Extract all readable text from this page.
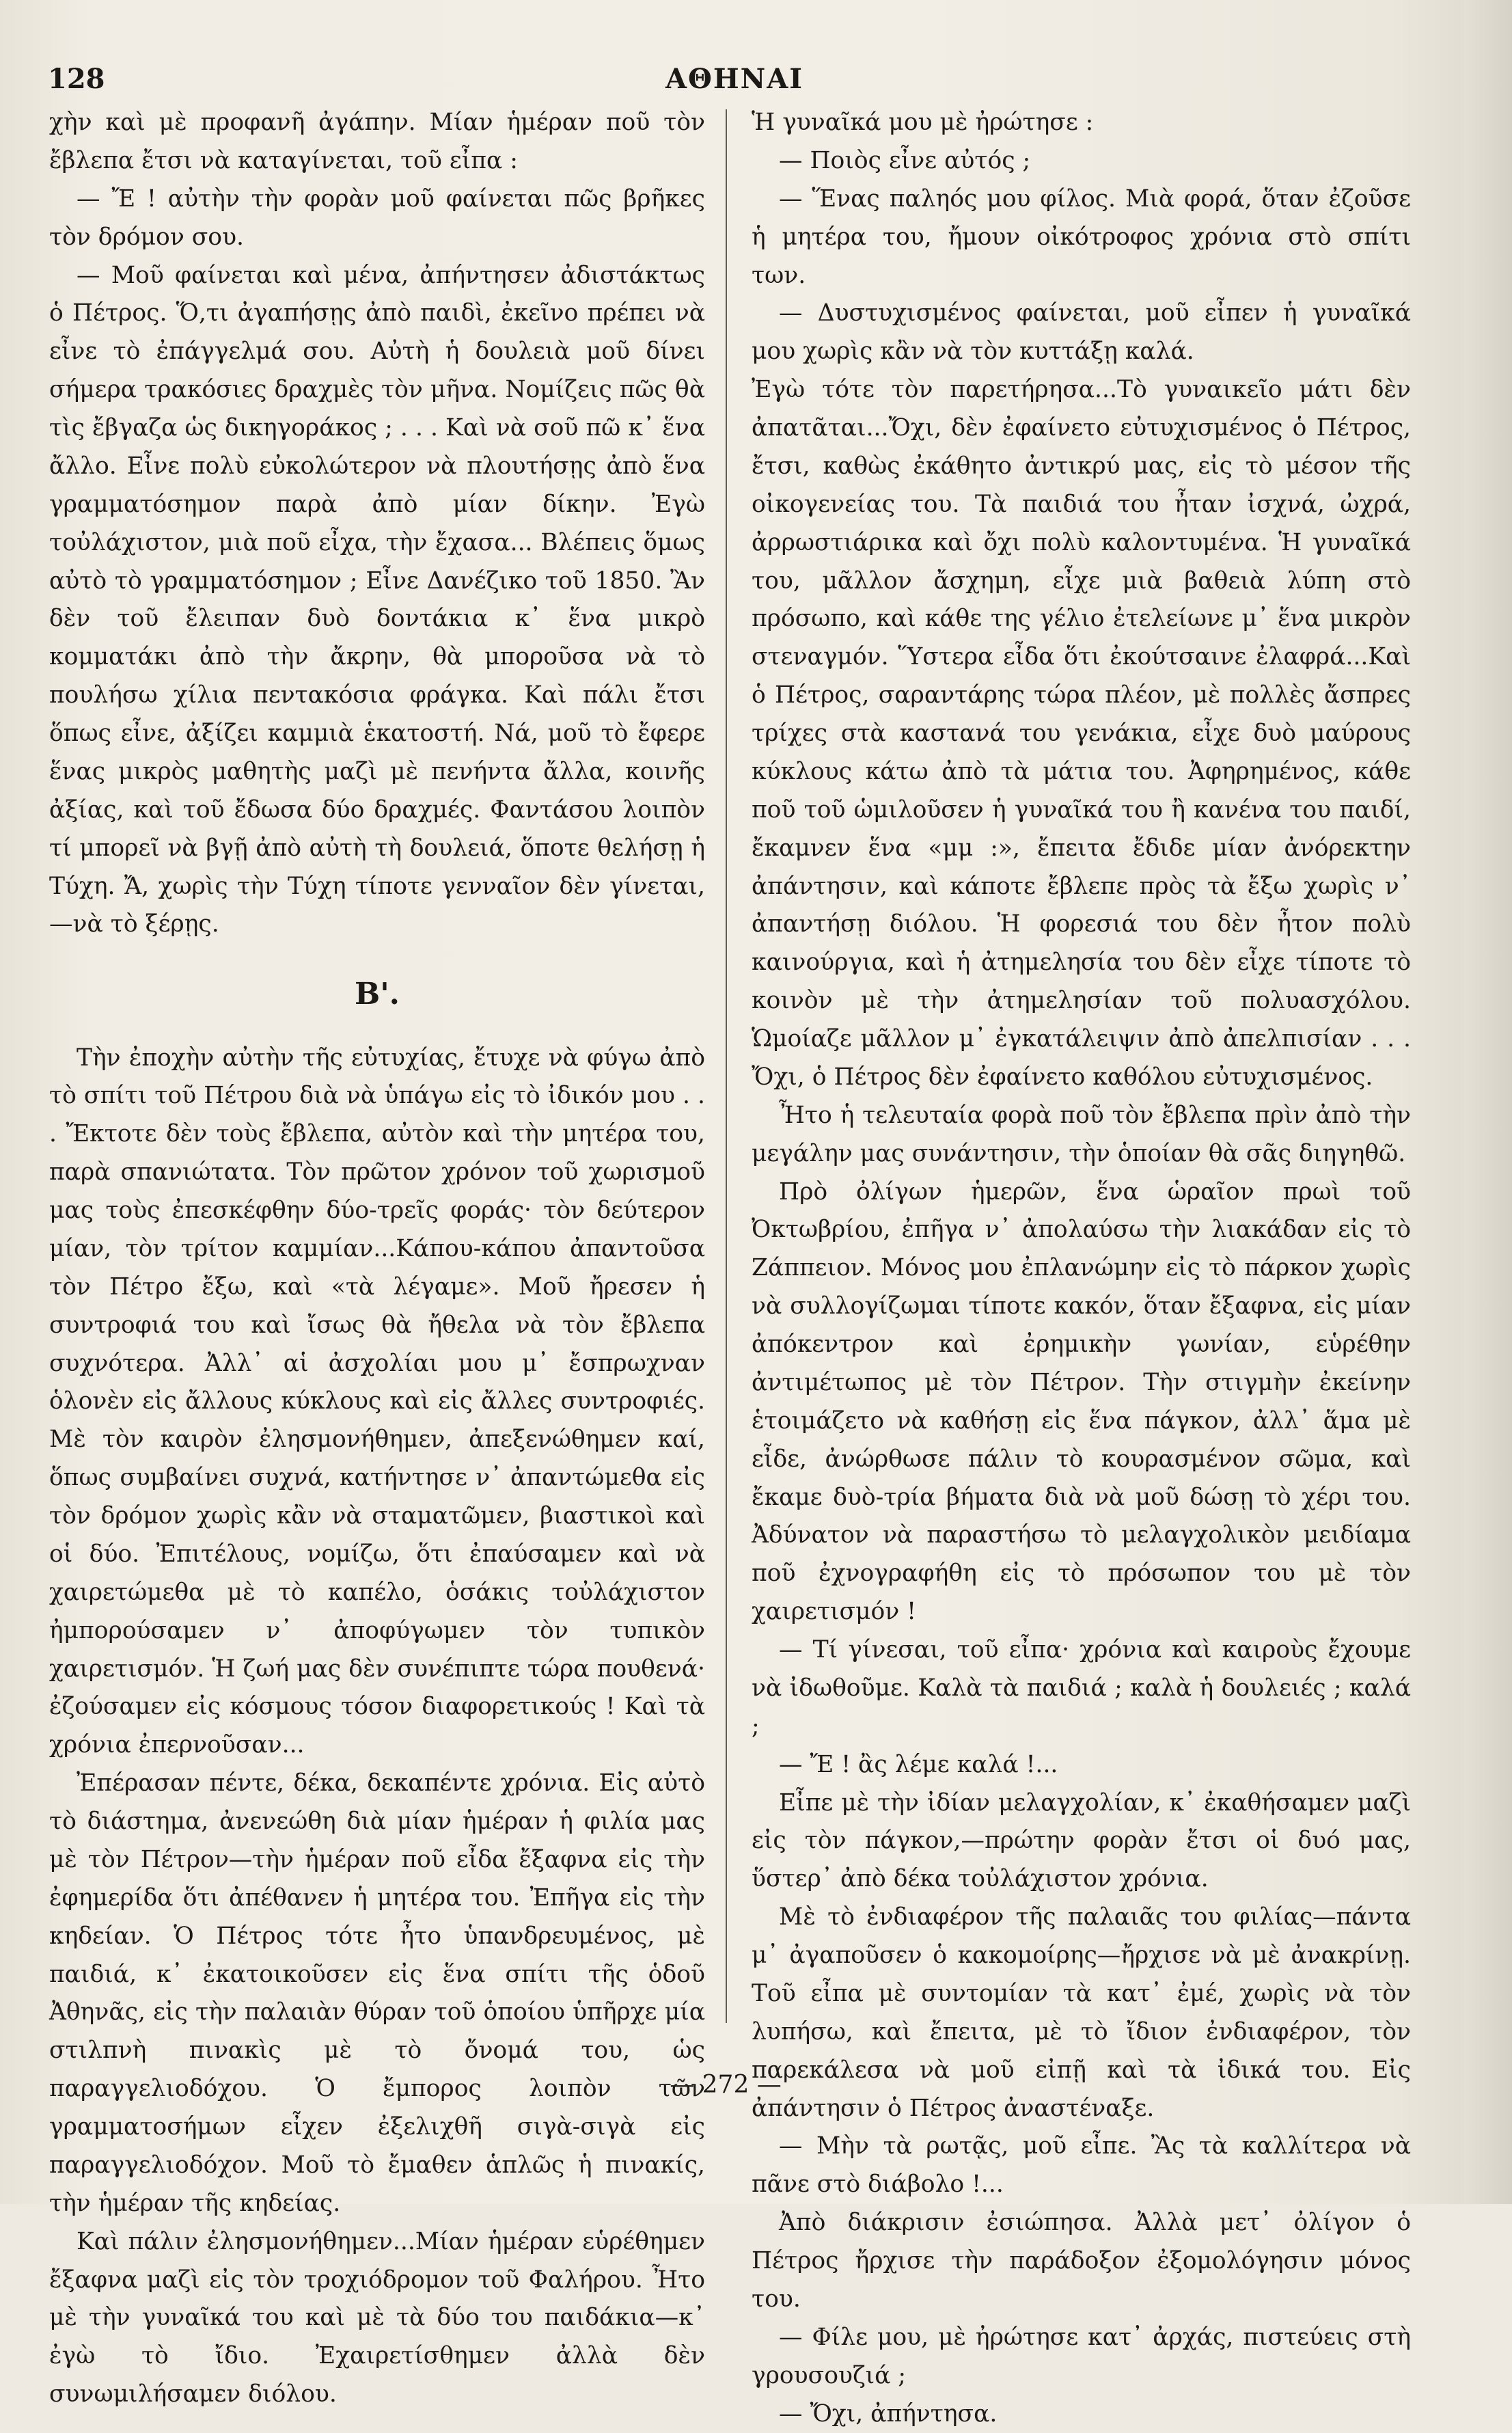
128	ΑΘΗΝΑΙ

χὴν καὶ μὲ προφανῆ ἀγάπην. Μίαν ἡμέραν ποῦ τὸν ἔβλεπα ἔτσι νὰ καταγίνεται, τοῦ εἶπα :

— Ἔ ! αὐτὴν τὴν φορὰν μοῦ φαίνεται πῶς βρῆκες τὸν δρόμον σου.

— Μοῦ φαίνεται καὶ μένα, ἀπήντησεν ἀδιστάκτως ὁ Πέτρος. Ὅ,τι ἀγαπήσῃς ἀπὸ παιδὶ, ἐκεῖνο πρέπει νὰ εἶνε τὸ ἐπάγγελμά σου. Αὐτὴ ἡ δουλειὰ μοῦ δίνει σήμερα τρακόσιες δραχμὲς τὸν μῆνα. Νομίζεις πῶς θὰ τὶς ἔβγαζα ὡς δικηγοράκος ; . . . Καὶ νὰ σοῦ πῶ κ᾽ ἕνα ἄλλο. Εἶνε πολὺ εὐκολώτερον νὰ πλουτήσῃς ἀπὸ ἕνα γραμματόσημον παρὰ ἀπὸ μίαν δίκην. Ἐγὼ τοὐλάχιστον, μιὰ ποῦ εἶχα, τὴν ἔχασα... Βλέπεις ὅμως αὐτὸ τὸ γραμματόσημον ; Εἶνε Δανέζικο τοῦ 1850. Ἂν δὲν τοῦ ἔλειπαν δυὸ δοντάκια κ᾽ ἕνα μικρὸ κομματάκι ἀπὸ τὴν ἄκρην, θὰ μποροῦσα νὰ τὸ πουλήσω χίλια πεντακόσια φράγκα. Καὶ πάλι ἔτσι ὅπως εἶνε, ἀξίζει καμμιὰ ἑκατοστή. Νά, μοῦ τὸ ἔφερε ἕνας μικρὸς μαθητὴς μαζὶ μὲ πενήντα ἄλλα, κοινῆς ἀξίας, καὶ τοῦ ἔδωσα δύο δραχμές. Φαντάσου λοιπὸν τί μπορεῖ νὰ βγῇ ἀπὸ αὐτὴ τὴ δουλειά, ὅποτε θελήσῃ ἡ Τύχη. Ἄ, χωρὶς τὴν Τύχη τίποτε γενναῖον δὲν γίνεται,—νὰ τὸ ξέρῃς.

Β'.

Τὴν ἐποχὴν αὐτὴν τῆς εὐτυχίας, ἔτυχε νὰ φύγω ἀπὸ τὸ σπίτι τοῦ Πέτρου διὰ νὰ ὑπάγω εἰς τὸ ἰδικόν μου . . . Ἔκτοτε δὲν τοὺς ἔβλεπα, αὐτὸν καὶ τὴν μητέρα του, παρὰ σπανιώτατα. Τὸν πρῶτον χρόνον τοῦ χωρισμοῦ μας τοὺς ἐπεσκέφθην δύο-τρεῖς φοράς· τὸν δεύτερον μίαν, τὸν τρίτον καμμίαν...Κάπου-κάπου ἀπαντοῦσα τὸν Πέτρο ἔξω, καὶ «τὰ λέγαμε». Μοῦ ἤρεσεν ἡ συντροφιά του καὶ ἴσως θὰ ἤθελα νὰ τὸν ἔβλεπα συχνότερα. Ἀλλ᾽ αἱ ἀσχολίαι μου μ᾽ ἔσπρωχναν ὁλονὲν εἰς ἄλλους κύκλους καὶ εἰς ἄλλες συντροφιές. Μὲ τὸν καιρὸν ἐλησμονήθημεν, ἀπεξενώθημεν καί, ὅπως συμβαίνει συχνά, κατήντησε ν᾽ ἀπαντώμεθα εἰς τὸν δρόμον χωρὶς κἂν νὰ σταματῶμεν, βιαστικοὶ καὶ οἱ δύο. Ἐπιτέλους, νομίζω, ὅτι ἐπαύσαμεν καὶ νὰ χαιρετώμεθα μὲ τὸ καπέλο, ὁσάκις τοὐλάχιστον ἠμπορούσαμεν ν᾽ ἀποφύγωμεν τὸν τυπικὸν χαιρετισμόν. Ἡ ζωή μας δὲν συνέπιπτε τώρα πουθενά· ἐζούσαμεν εἰς κόσμους τόσον διαφορετικούς ! Καὶ τὰ χρόνια ἐπερνοῦσαν...

Ἐπέρασαν πέντε, δέκα, δεκαπέντε χρόνια. Εἰς αὐτὸ τὸ διάστημα, ἀνενεώθη διὰ μίαν ἡμέραν ἡ φιλία μας μὲ τὸν Πέτρον—τὴν ἡμέραν ποῦ εἶδα ἔξαφνα εἰς τὴν ἐφημερίδα ὅτι ἀπέθανεν ἡ μητέρα του. Ἐπῆγα εἰς τὴν κηδείαν. Ὁ Πέτρος τότε ἦτο ὑπανδρευμένος, μὲ παιδιά, κ᾽ ἐκατοικοῦσεν εἰς ἕνα σπίτι τῆς ὁδοῦ Ἀθηνᾶς, εἰς τὴν παλαιὰν θύραν τοῦ ὁποίου ὑπῆρχε μία στιλπνὴ πινακὶς μὲ τὸ ὄνομά του, ὡς παραγγελιοδόχου. Ὁ ἔμπορος λοιπὸν τῶν γραμματοσήμων εἶχεν ἐξελιχθῆ σιγὰ-σιγὰ εἰς παραγγελιοδόχον. Μοῦ τὸ ἔμαθεν ἁπλῶς ἡ πινακίς, τὴν ἡμέραν τῆς κηδείας.

Καὶ πάλιν ἐλησμονήθημεν...Μίαν ἡμέραν εὑρέθημεν ἔξαφνα μαζὶ εἰς τὸν τροχιόδρομον τοῦ Φαλήρου. Ἦτο μὲ τὴν γυναῖκά του καὶ μὲ τὰ δύο του παιδάκια—κ᾽ ἐγὼ τὸ ἴδιο. Ἐχαιρετίσθημεν ἀλλὰ δὲν συνωμιλήσαμεν διόλου.

Ἡ γυναῖκά μου μὲ ἠρώτησε :

— Ποιὸς εἶνε αὐτός ;

— Ἕνας παληός μου φίλος. Μιὰ φορά, ὅταν ἐζοῦσε ἡ μητέρα του, ἤμουν οἰκότροφος χρόνια στὸ σπίτι των.

— Δυστυχισμένος φαίνεται, μοῦ εἶπεν ἡ γυναῖκά μου χωρὶς κἂν νὰ τὸν κυττάξῃ καλά.

Ἐγὼ τότε τὸν παρετήρησα...Τὸ γυναικεῖο μάτι δὲν ἀπατᾶται...Ὄχι, δὲν ἐφαίνετο εὐτυχισμένος ὁ Πέτρος, ἔτσι, καθὼς ἐκάθητο ἀντικρύ μας, εἰς τὸ μέσον τῆς οἰκογενείας του. Τὰ παιδιά του ἦταν ἰσχνά, ὠχρά, ἀρρωστιάρικα καὶ ὄχι πολὺ καλοντυμένα. Ἡ γυναῖκά του, μᾶλλον ἄσχημη, εἶχε μιὰ βαθειὰ λύπη στὸ πρόσωπο, καὶ κάθε της γέλιο ἐτελείωνε μ᾽ ἕνα μικρὸν στεναγμόν. Ὕστερα εἶδα ὅτι ἐκούτσαινε ἐλαφρά...Καὶ ὁ Πέτρος, σαραντάρης τώρα πλέον, μὲ πολλὲς ἄσπρες τρίχες στὰ καστανά του γενάκια, εἶχε δυὸ μαύρους κύκλους κάτω ἀπὸ τὰ μάτια του. Ἀφηρημένος, κάθε ποῦ τοῦ ὡμιλοῦσεν ἡ γυναῖκά του ἢ κανένα του παιδί, ἔκαμνεν ἕνα «μμ :», ἔπειτα ἔδιδε μίαν ἀνόρεκτην ἀπάντησιν, καὶ κάποτε ἔβλεπε πρὸς τὰ ἔξω χωρὶς ν᾽ ἀπαντήσῃ διόλου. Ἡ φορεσιά του δὲν ἦτον πολὺ καινούργια, καὶ ἡ ἀτημελησία του δὲν εἶχε τίποτε τὸ κοινὸν μὲ τὴν ἀτημελησίαν τοῦ πολυασχόλου. Ὡμοίαζε μᾶλλον μ᾽ ἐγκατάλειψιν ἀπὸ ἀπελπισίαν . . . Ὄχι, ὁ Πέτρος δὲν ἐφαίνετο καθόλου εὐτυχισμένος.

Ἦτο ἡ τελευταία φορὰ ποῦ τὸν ἔβλεπα πρὶν ἀπὸ τὴν μεγάλην μας συνάντησιν, τὴν ὁποίαν θὰ σᾶς διηγηθῶ.

Πρὸ ὀλίγων ἡμερῶν, ἕνα ὡραῖον πρωὶ τοῦ Ὀκτωβρίου, ἐπῆγα ν᾽ ἀπολαύσω τὴν λιακάδαν εἰς τὸ Ζάππειον. Μόνος μου ἐπλανώμην εἰς τὸ πάρκον χωρὶς νὰ συλλογίζωμαι τίποτε κακόν, ὅταν ἔξαφνα, εἰς μίαν ἀπόκεντρον καὶ ἐρημικὴν γωνίαν, εὑρέθην ἀντιμέτωπος μὲ τὸν Πέτρον. Τὴν στιγμὴν ἐκείνην ἑτοιμάζετο νὰ καθήσῃ εἰς ἕνα πάγκον, ἀλλ᾽ ἅμα μὲ εἶδε, ἀνώρθωσε πάλιν τὸ κουρασμένον σῶμα, καὶ ἔκαμε δυὸ-τρία βήματα διὰ νὰ μοῦ δώσῃ τὸ χέρι του. Ἀδύνατον νὰ παραστήσω τὸ μελαγχολικὸν μειδίαμα ποῦ ἐχνογραφήθη εἰς τὸ πρόσωπον του μὲ τὸν χαιρετισμόν !

— Τί γίνεσαι, τοῦ εἶπα· χρόνια καὶ καιροὺς ἔχουμε νὰ ἰδωθοῦμε. Καλὰ τὰ παιδιά ; καλὰ ἡ δουλειές ; καλά ;

— Ἔ ! ἂς λέμε καλά !...

Εἶπε μὲ τὴν ἰδίαν μελαγχολίαν, κ᾽ ἐκαθήσαμεν μαζὶ εἰς τὸν πάγκον,—πρώτην φορὰν ἔτσι οἱ δυό μας, ὕστερ᾽ ἀπὸ δέκα τοὐλάχιστον χρόνια.

Μὲ τὸ ἐνδιαφέρον τῆς παλαιᾶς του φιλίας—πάντα μ᾽ ἀγαποῦσεν ὁ κακομοίρης—ἤρχισε νὰ μὲ ἀνακρίνῃ. Τοῦ εἶπα μὲ συντομίαν τὰ κατ᾽ ἐμέ, χωρὶς νὰ τὸν λυπήσω, καὶ ἔπειτα, μὲ τὸ ἴδιον ἐνδιαφέρον, τὸν παρεκάλεσα νὰ μοῦ εἰπῇ καὶ τὰ ἰδικά του. Εἰς ἀπάντησιν ὁ Πέτρος ἀναστέναξε.

— Μὴν τὰ ρωτᾷς, μοῦ εἶπε. Ἂς τὰ καλλίτερα νὰ πᾶνε στὸ διάβολο !...

Ἀπὸ διάκρισιν ἐσιώπησα. Ἀλλὰ μετ᾽ ὀλίγον ὁ Πέτρος ἤρχισε τὴν παράδοξον ἐξομολόγησιν μόνος του.

— Φίλε μου, μὲ ἠρώτησε κατ᾽ ἀρχάς, πιστεύεις στὴ γρουσουζιά ;

— Ὄχι, ἀπήντησα.

— 272 —
